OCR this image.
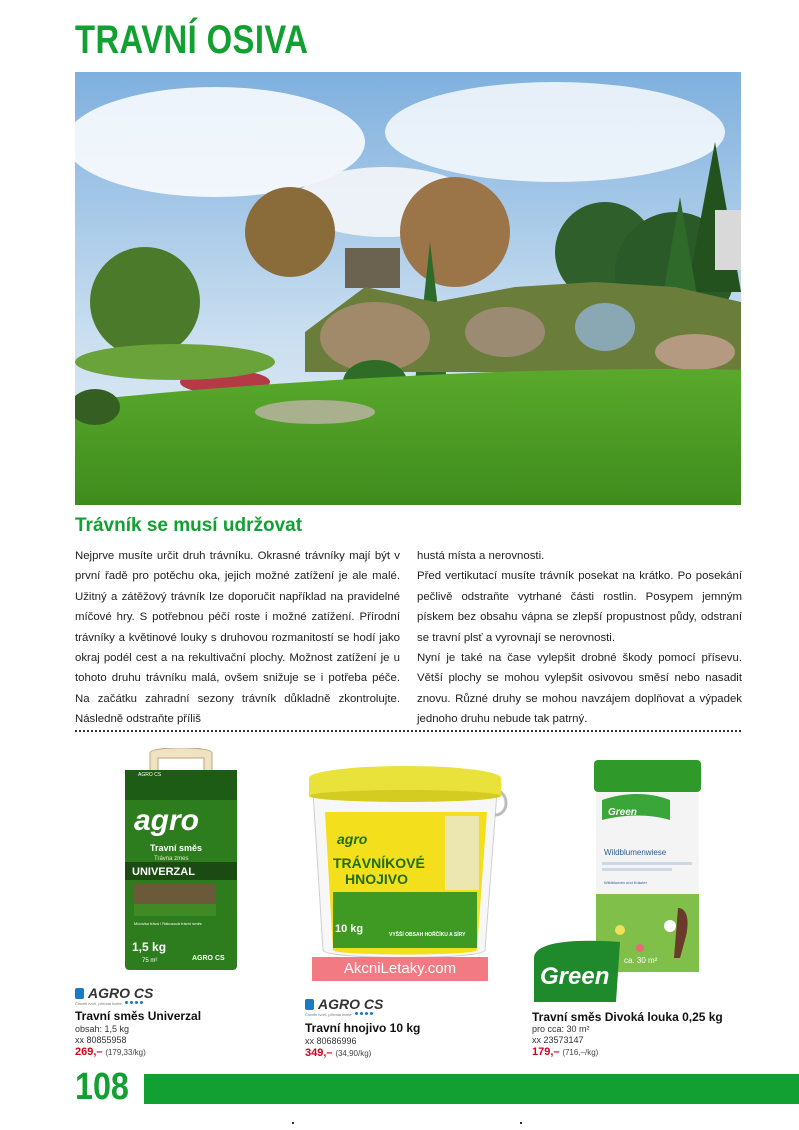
TRAVNÍ OSIVA
Trávník se musí udržovat

Nejprve musíte určit druh trávníku. Okrasné trávníky mají být v první řadě pro potěchu oka, jejich možné zatížení je ale malé. Užitný a zátěžový trávník lze doporučit například na pravidelné míčové hry. S potřebnou péčí roste i možné zatížení. Přírodní trávníky a květinové louky s druhovou rozmanitostí se hodí jako okraj podél cest a na rekultivační plochy. Možnost zatížení je u tohoto druhu trávníku malá, ovšem snižuje se i potřeba péče. Na začátku zahradní sezony trávník důkladně zkontrolujte. Následně odstraňte příliš

hustá místa a nerovnosti.

Před vertikutací musíte trávník posekat na krátko. Po posekání pečlivě odstraňte vytrhané části rostlin. Posypem jemným pískem bez obsahu vápna se zlepší propustnost půdy, odstraní se travní plsť a vyrovnají se nerovnosti.

Nyní je také na čase vylepšit drobné škody pomocí přísevu. Větší plochy se mohou vylepšit osivovou směsí nebo nasadit znovu. Různé druhy se mohou navzájem doplňovat a výpadek jednoho druhu nebude tak patrný.

AGRO CS
agro
Travní směs
Trávna zmes
UNIVERZAL
Mícovka tráva / Rákosová trávní směs
1,5 kg
75 m²	AGRO CS
AGRO CS
Člověk tvoří, příroda kvete
Travní směs Univerzal
obsah: 1,5 kg
xx 80855958
269,– (179,33/kg)
agro
TRÁVNÍKOVÉ
HNOJIVO
10 kg	VYŠŠÍ OBSAH HOŘČÍKU A SÍRY
AGRO CS
Člověk tvoří, příroda kvete
Travní hnojivo 10 kg
xx 80686996
349,– (34,90/kg)
AkcniLetaky.com
Green
Wildblumenwiese
Wildblumen und Kräuter
ca. 30 m²
Green
Travní směs Divoká louka 0,25 kg
pro cca: 30 m²
xx 23573147
179,– (716,–/kg)
108
